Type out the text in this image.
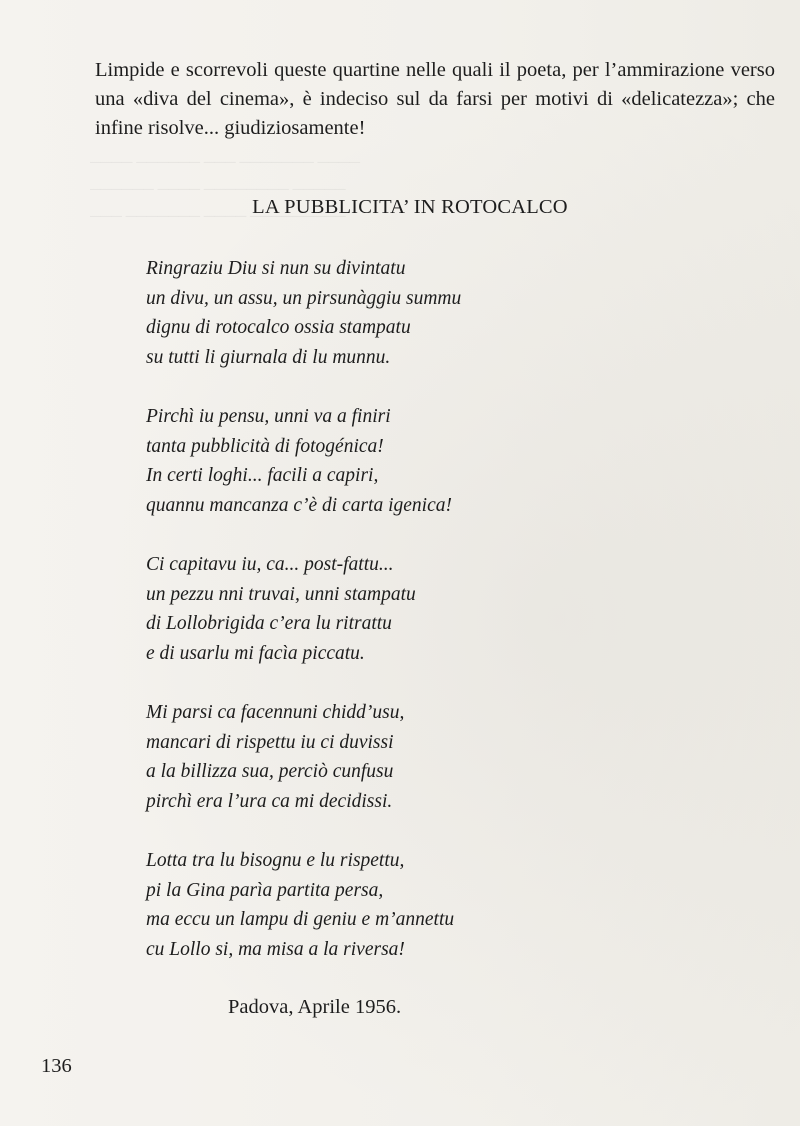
──── ────── ─── ─────── ────
────── ──── ──────── ─────
─── ─────── ──── ─────────

Limpide e scorrevoli queste quartine nelle quali il poeta, per l’ammirazione verso una «diva del cinema», è indeciso sul da farsi per motivi di «delicatezza»; che infine risolve... giudiziosamente!

LA PUBBLICITA’ IN ROTOCALCO
Ringraziu Diu si nun su divintatu
un divu, un assu, un pirsunàggiu summu
dignu di rotocalco ossia stampatu
su tutti li giurnala di lu munnu.
Pirchì iu pensu, unni va a finiri
tanta pubblicità di fotogénica!
In certi loghi... facili a capiri,
quannu mancanza c’è di carta igenica!
Ci capitavu iu, ca... post-fattu...
un pezzu nni truvai, unni stampatu
di Lollobrigida c’era lu ritrattu
e di usarlu mi facìa piccatu.
Mi parsi ca facennuni chidd’usu,
mancari di rispettu iu ci duvissi
a la billizza sua, perciò cunfusu
pirchì era l’ura ca mi decidissi.
Lotta tra lu bisognu e lu rispettu,
pi la Gina parìa partita persa,
ma eccu un lampu di geniu e m’annettu
cu Lollo si, ma misa a la riversa!
Padova, Aprile 1956.
136
